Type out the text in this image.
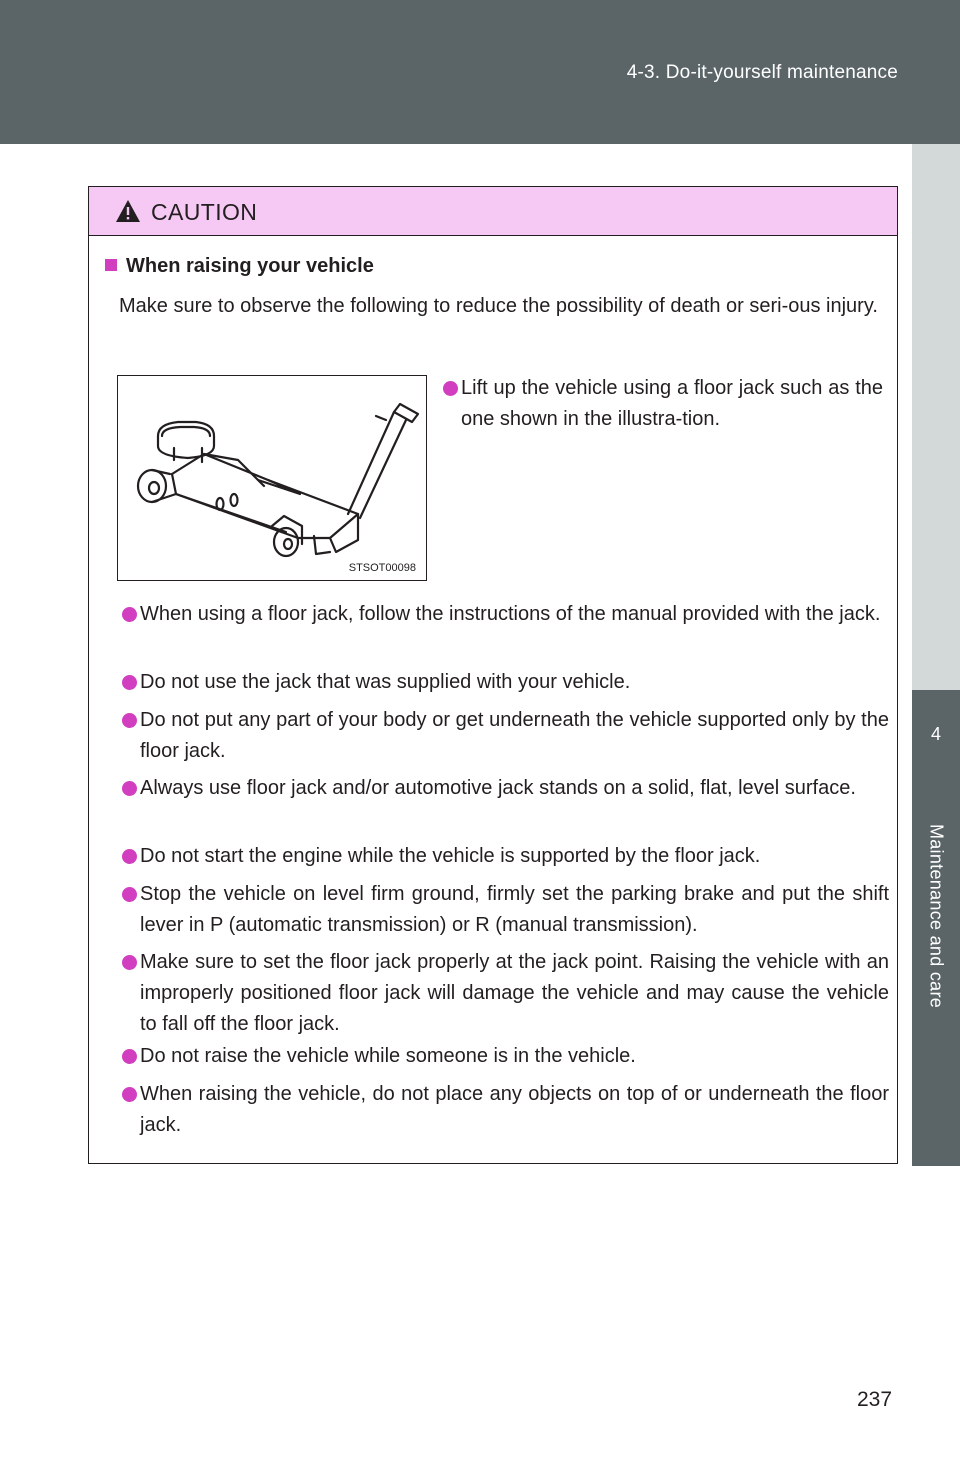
4-3. Do-it-yourself maintenance
4
Maintenance and care
CAUTION
When raising your vehicle
Make sure to observe the following to reduce the possibility of death or seri-ous injury.
STSOT00098
Lift up the vehicle using a floor jack such as the one shown in the illustra-tion.
When using a floor jack, follow the instructions of the manual provided with the jack.
Do not use the jack that was supplied with your vehicle.
Do not put any part of your body or get underneath the vehicle supported only by the floor jack.
Always use floor jack and/or automotive jack stands on a solid, flat, level surface.
Do not start the engine while the vehicle is supported by the floor jack.
Stop the vehicle on level firm ground, firmly set the parking brake and put the shift lever in P (automatic transmission) or R (manual transmission).
Make sure to set the floor jack properly at the jack point. Raising the vehicle with an improperly positioned floor jack will damage the vehicle and may cause the vehicle to fall off the floor jack.
Do not raise the vehicle while someone is in the vehicle.
When raising the vehicle, do not place any objects on top of or underneath the floor jack.
237
